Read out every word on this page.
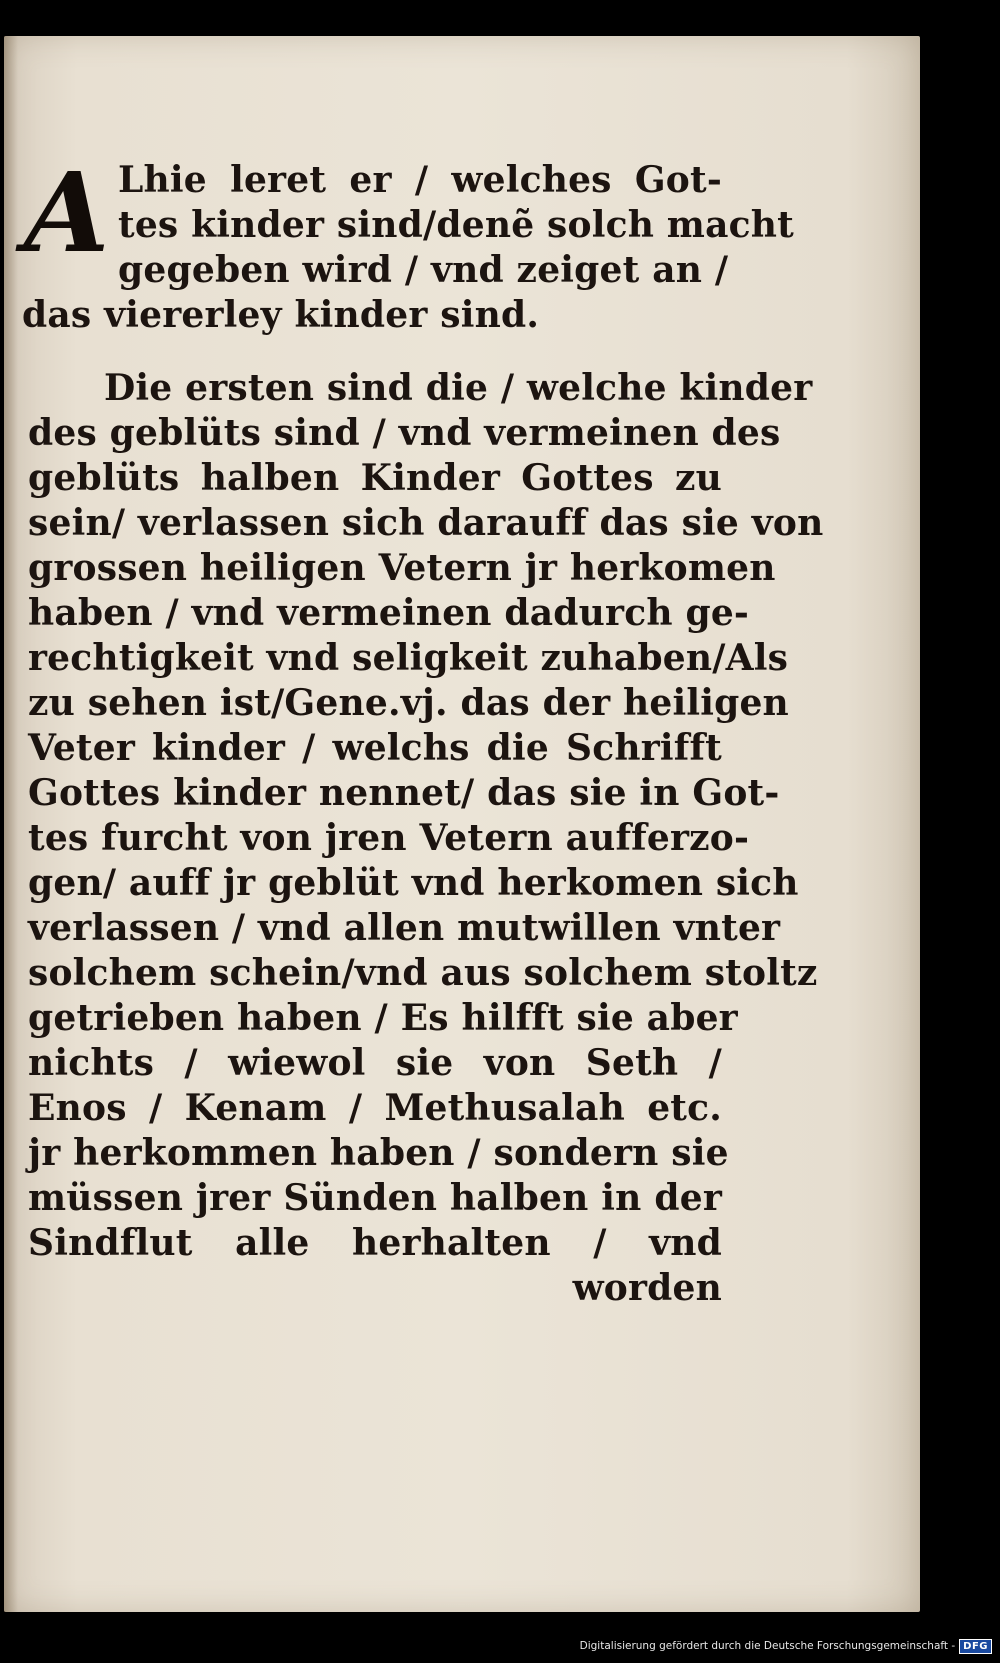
A Lhie leret er / welches Got-
tes kinder sind/denẽ solch macht
gegeben wird / vnd zeiget an /
das viererley kinder sind.
Die ersten sind die / welche kinder
des geblüts sind / vnd vermeinen des
geblüts halben Kinder Gottes zu
sein/ verlassen sich darauff das sie von
grossen heiligen Vetern jr herkomen
haben / vnd vermeinen dadurch ge-
rechtigkeit vnd seligkeit zuhaben/Als
zu sehen ist/Gene.vj. das der heiligen
Veter kinder / welchs die Schrifft
Gottes kinder nennet/ das sie in Got-
tes furcht von jren Vetern aufferzo-
gen/ auff jr geblüt vnd herkomen sich
verlassen / vnd allen mutwillen vnter
solchem schein/vnd aus solchem stoltz
getrieben haben / Es hilfft sie aber
nichts / wiewol sie von Seth /
Enos / Kenam / Methusalah etc.
jr herkommen haben / sondern sie
müssen jrer Sünden halben in der
Sindflut alle herhalten / vnd
worden
Digitalisierung gefördert durch die Deutsche Forschungsgemeinschaft - DFG
